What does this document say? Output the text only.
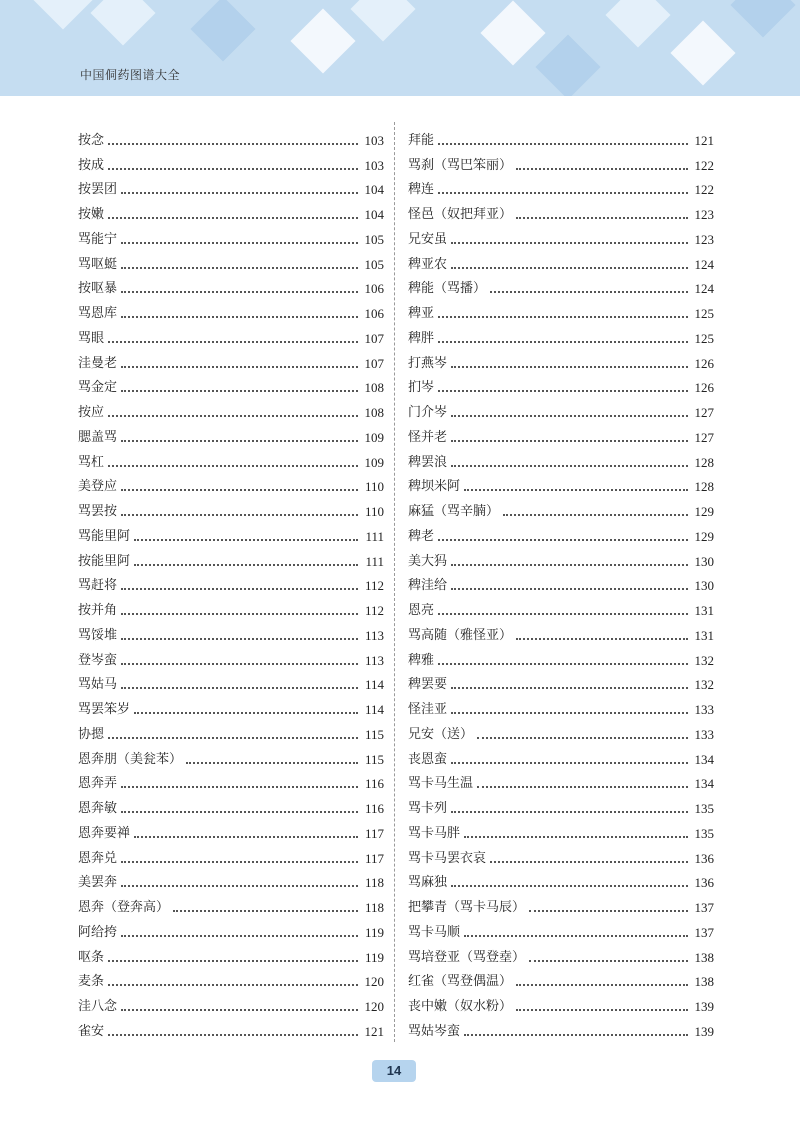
中国侗药图谱大全
按念	103
按成	103
按罢团	104
按嫩	104
骂能宁	105
骂呕蜓	105
按呕暴	106
骂恩库	106
骂眼	107
洼曼老	107
骂金定	108
按应	108
腮盖骂	109
骂杠	109
美登应	110
骂罢按	110
骂能里阿	111
按能里阿	111
骂赶将	112
按并角	112
骂馁堆	113
登岑蛮	113
骂姑马	114
骂罢笨岁	114
协摁	115
恩奔朋（美瓮苯）	115
恩奔弄	116
恩奔敏	116
恩奔要禅	117
恩奔兑	117
美罢奔	118
恩奔（登奔高）	118
阿给挎	119
呕条	119
麦条	120
洼八念	120
雀安	121
拜能	121
骂刹（骂巴笨丽）	122
稗连	122
怪邑（奴把拜亚）	123
兄安虽	123
稗亚农	124
稗能（骂播）	124
稗亚	125
稗胖	125
打燕岑	126
扪岑	126
门介岑	127
怪并老	127
稗罢浪	128
稗坝米阿	128
麻猛（骂辛腩）	129
稗老	129
美大犸	130
稗洼给	130
恩亮	131
骂高随（雅怪亚）	131
稗雅	132
稗罢要	132
怪洼亚	133
兄安（送）	133
丧恩蛮	134
骂卡马生温	134
骂卡列	135
骂卡马胖	135
骂卡马罢衣哀	136
骂麻独	136
把攀青（骂卡马辰）	137
骂卡马顺	137
骂培登亚（骂登㙓）	138
红雀（骂登偶温）	138
丧中嫩（奴水粉）	139
骂姑岑蛮	139
14
